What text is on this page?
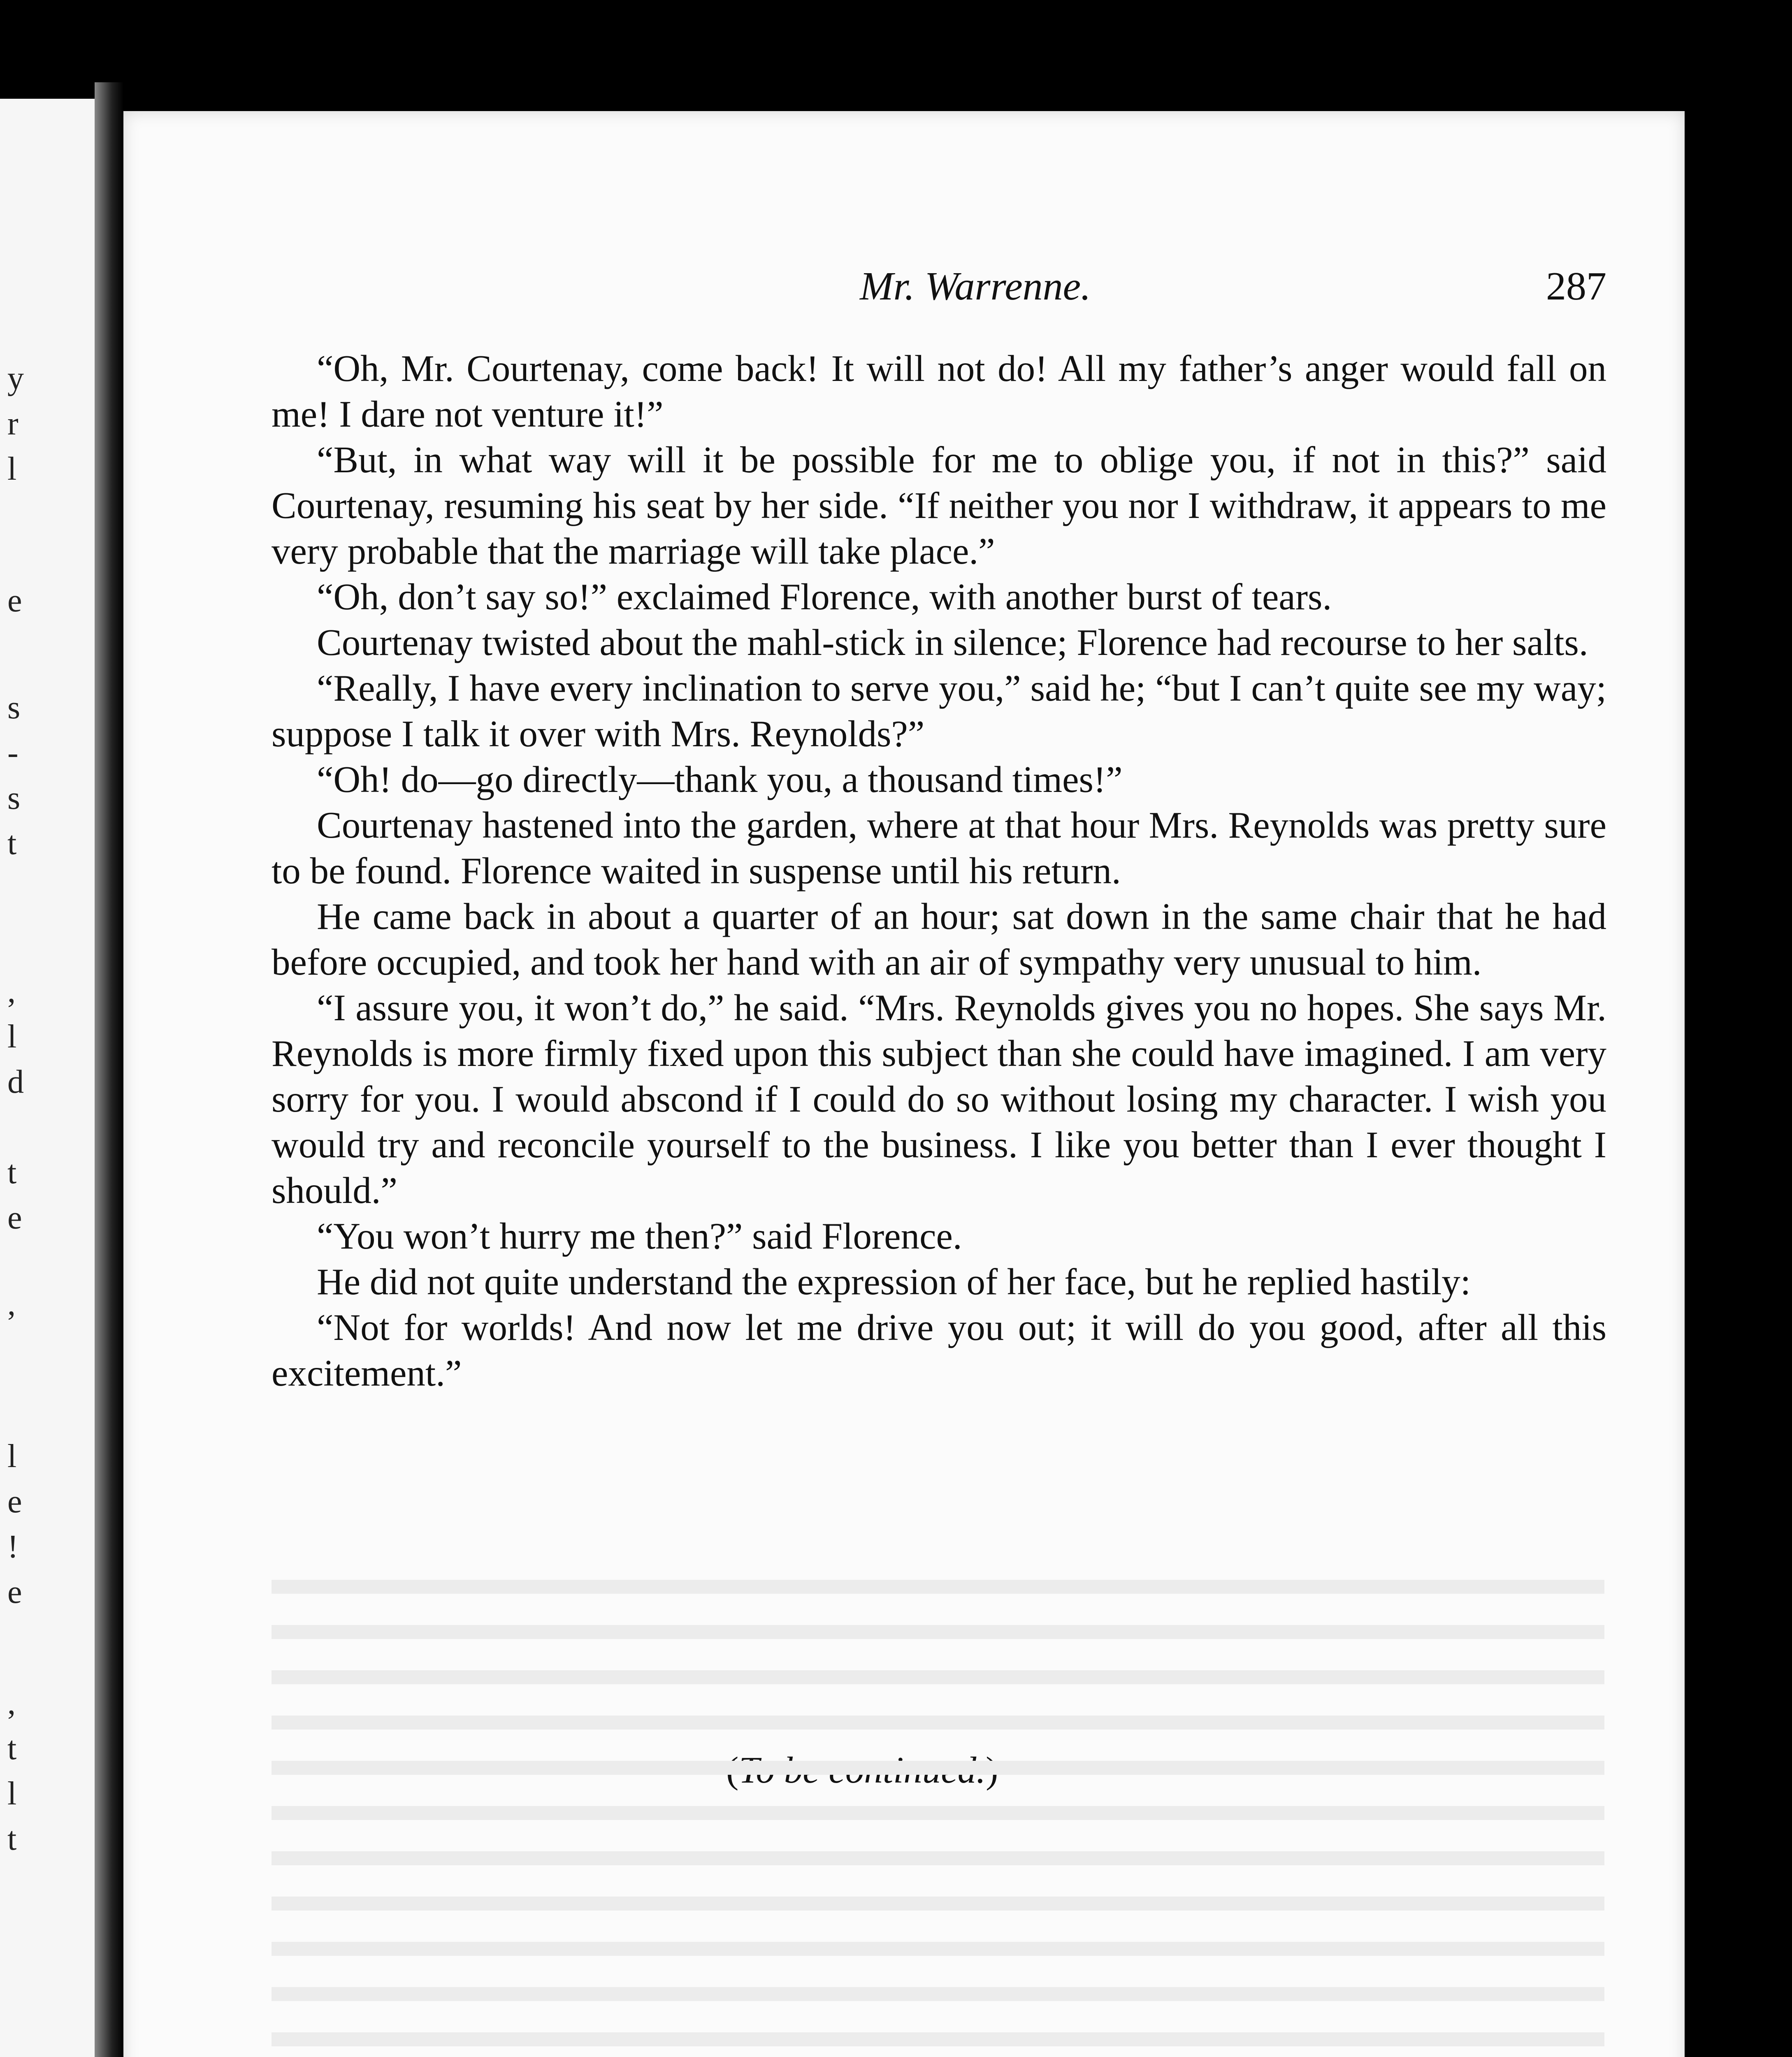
y
r
l
e
s
-
s
t
,
l
d
t
e
,
l
e
!
e
,
t
l
t
Mr. Warrenne.	287

“Oh, Mr. Courtenay, come back! It will not do! All my father’s anger would fall on me! I dare not venture it!”

“But, in what way will it be possible for me to oblige you, if not in this?” said Courtenay, resuming his seat by her side. “If neither you nor I withdraw, it appears to me very probable that the marriage will take place.”

“Oh, don’t say so!” exclaimed Florence, with another burst of tears.

Courtenay twisted about the mahl-stick in silence; Florence had recourse to her salts.

“Really, I have every inclination to serve you,” said he; “but I can’t quite see my way; suppose I talk it over with Mrs. Reynolds?”

“Oh! do—go directly—thank you, a thousand times!”

Courtenay hastened into the garden, where at that hour Mrs. Reynolds was pretty sure to be found. Florence waited in suspense until his return.

He came back in about a quarter of an hour; sat down in the same chair that he had before occupied, and took her hand with an air of sympathy very unusual to him.

“I assure you, it won’t do,” he said. “Mrs. Reynolds gives you no hopes. She says Mr. Reynolds is more firmly fixed upon this subject than she could have imagined. I am very sorry for you. I would abscond if I could do so without losing my character. I wish you would try and reconcile yourself to the business. I like you better than I ever thought I should.”

“You won’t hurry me then?” said Florence.

He did not quite understand the expression of her face, but he replied hastily:

“Not for worlds! And now let me drive you out; it will do you good, after all this excitement.”
